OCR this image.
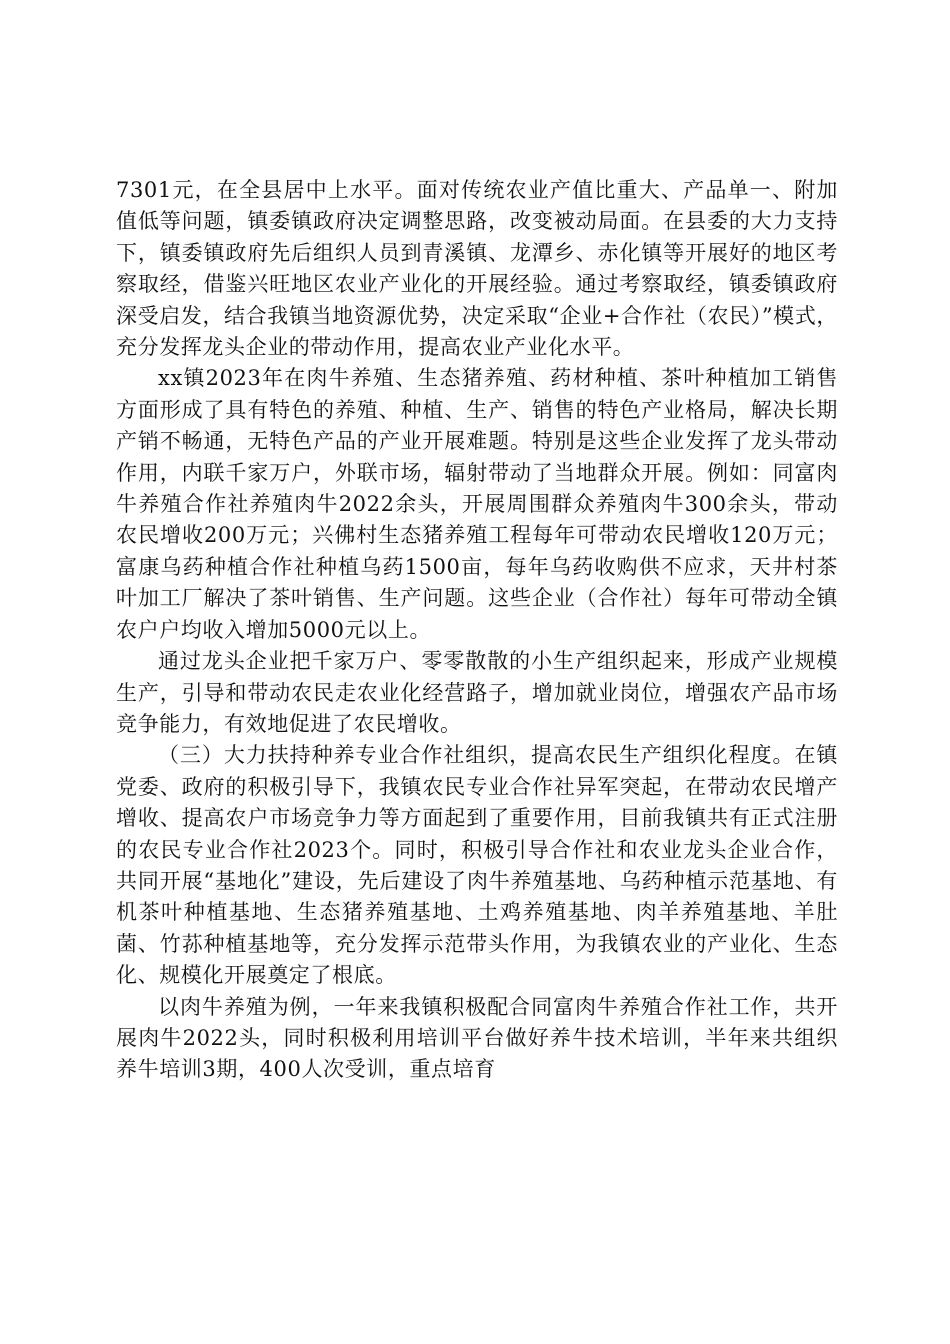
7301元，在全县居中上水平。面对传统农业产值比重大、产品单一、附加值低等问题，镇委镇政府决定调整思路，改变被动局面。在县委的大力支持下，镇委镇政府先后组织人员到青溪镇、龙潭乡、赤化镇等开展好的地区考察取经，借鉴兴旺地区农业产业化的开展经验。通过考察取经，镇委镇政府深受启发，结合我镇当地资源优势，决定采取“企业+合作社（农民）”模式，充分发挥龙头企业的带动作用，提高农业产业化水平。

xx镇2023年在肉牛养殖、生态猪养殖、药材种植、茶叶种植加工销售方面形成了具有特色的养殖、种植、生产、销售的特色产业格局，解决长期产销不畅通，无特色产品的产业开展难题。特别是这些企业发挥了龙头带动作用，内联千家万户，外联市场，辐射带动了当地群众开展。例如：同富肉牛养殖合作社养殖肉牛2022余头，开展周围群众养殖肉牛300余头，带动农民增收200万元；兴佛村生态猪养殖工程每年可带动农民增收120万元；富康乌药种植合作社种植乌药1500亩，每年乌药收购供不应求，天井村茶叶加工厂解决了茶叶销售、生产问题。这些企业（合作社）每年可带动全镇农户户均收入增加5000元以上。

通过龙头企业把千家万户、零零散散的小生产组织起来，形成产业规模生产，引导和带动农民走农业化经营路子，增加就业岗位，增强农产品市场竞争能力，有效地促进了农民增收。

（三）大力扶持种养专业合作社组织，提高农民生产组织化程度。在镇党委、政府的积极引导下，我镇农民专业合作社异军突起，在带动农民增产增收、提高农户市场竞争力等方面起到了重要作用，目前我镇共有正式注册的农民专业合作社2023个。同时，积极引导合作社和农业龙头企业合作，共同开展“基地化”建设，先后建设了肉牛养殖基地、乌药种植示范基地、有机茶叶种植基地、生态猪养殖基地、土鸡养殖基地、肉羊养殖基地、羊肚菌、竹荪种植基地等，充分发挥示范带头作用，为我镇农业的产业化、生态化、规模化开展奠定了根底。

以肉牛养殖为例，一年来我镇积极配合同富肉牛养殖合作社工作，共开展肉牛2022头，同时积极利用培训平台做好养牛技术培训，半年来共组织养牛培训3期，400人次受训，重点培育
